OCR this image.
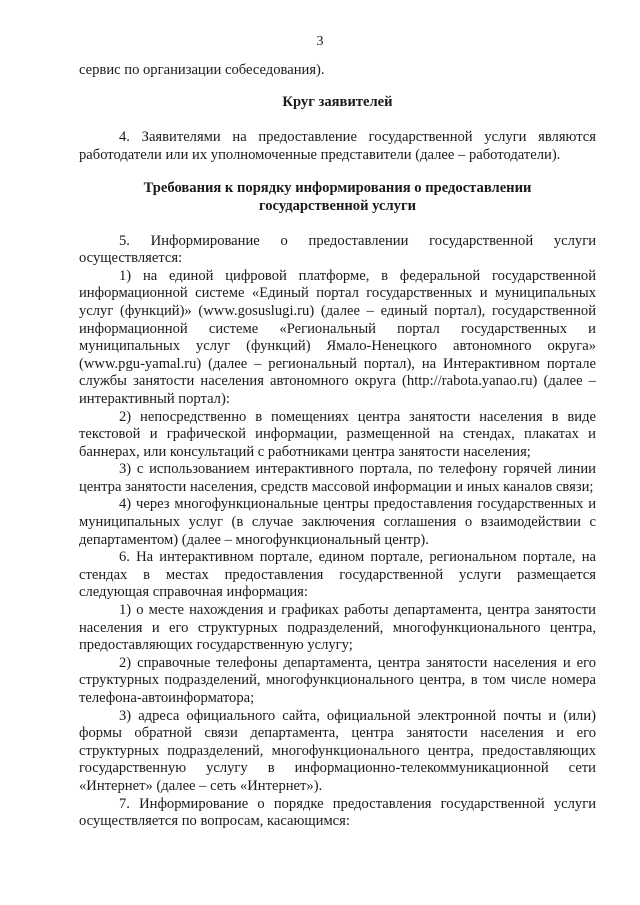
3

сервис по организации собеседования).

Круг заявителей

4. Заявителями на предоставление государственной услуги являются работодатели или их уполномоченные представители (далее – работодатели).

Требования к порядку информирования о предоставлении государственной услуги

5. Информирование о предоставлении государственной услуги осуществляется:

1) на единой цифровой платформе, в федеральной государственной информационной системе «Единый портал государственных и муниципальных услуг (функций)» (www.gosuslugi.ru) (далее – единый портал), государственной информационной системе «Региональный портал государственных и муниципальных услуг (функций) Ямало-Ненецкого автономного округа» (www.pgu-yamal.ru) (далее – региональный портал), на Интерактивном портале службы занятости населения автономного округа (http://rabota.yanao.ru) (далее – интерактивный портал):

2) непосредственно в помещениях центра занятости населения в виде текстовой и графической информации, размещенной на стендах, плакатах и баннерах, или консультаций с работниками центра занятости населения;

3) с использованием интерактивного портала, по телефону горячей линии центра занятости населения, средств массовой информации и иных каналов связи;

4) через многофункциональные центры предоставления государственных и муниципальных услуг (в случае заключения соглашения о взаимодействии с департаментом) (далее – многофункциональный центр).

6. На интерактивном портале, едином портале, региональном портале, на стендах в местах предоставления государственной услуги размещается следующая справочная информация:

1) о месте нахождения и графиках работы департамента, центра занятости населения и его структурных подразделений, многофункционального центра, предоставляющих государственную услугу;

2) справочные телефоны департамента, центра занятости населения и его структурных подразделений, многофункционального центра, в том числе номера телефона-автоинформатора;

3) адреса официального сайта, официальной электронной почты и (или) формы обратной связи департамента, центра занятости населения и его структурных подразделений, многофункционального центра, предоставляющих государственную услугу в информационно-телекоммуникационной сети «Интернет» (далее – сеть «Интернет»).

7. Информирование о порядке предоставления государственной услуги осуществляется по вопросам, касающимся:
